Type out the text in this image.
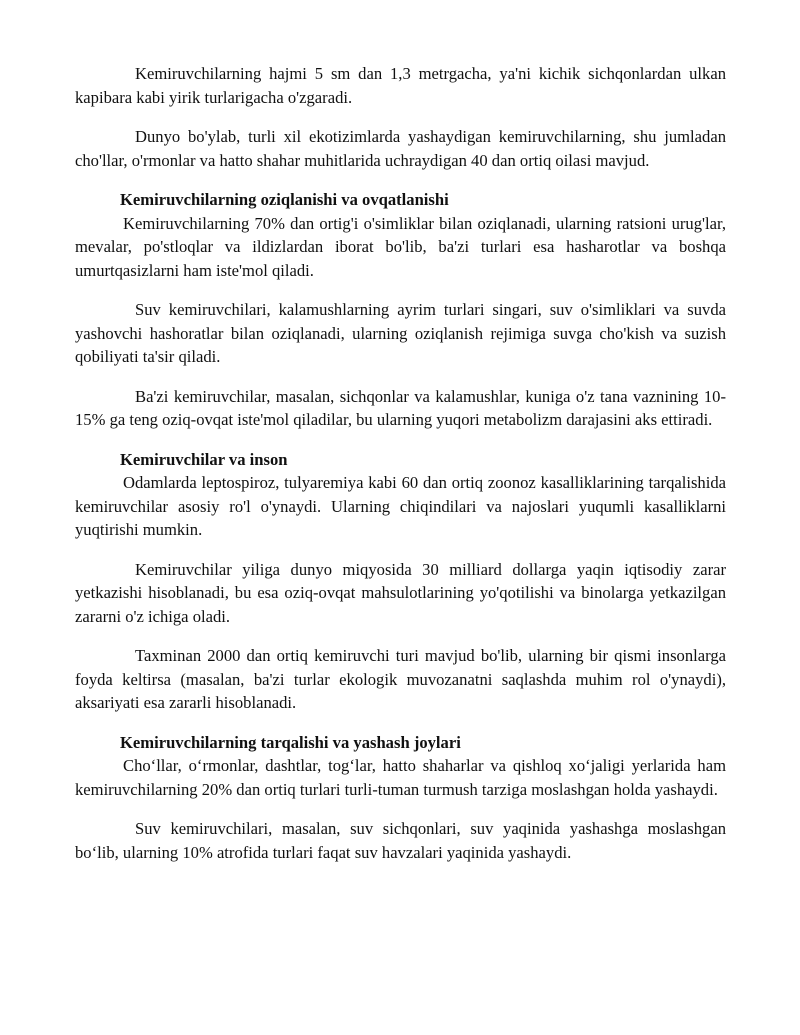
Kemiruvchilarning hajmi 5 sm dan 1,3 metrgacha, ya'ni kichik sichqonlardan ulkan kapibara kabi yirik turlarigacha o'zgaradi.

Dunyo bo'ylab, turli xil ekotizimlarda yashaydigan kemiruvchilarning, shu jumladan cho'llar, o'rmonlar va hatto shahar muhitlarida uchraydigan 40 dan ortiq oilasi mavjud.

Kemiruvchilarning oziqlanishi va ovqatlanishi

Kemiruvchilarning 70% dan ortig'i o'simliklar bilan oziqlanadi, ularning ratsioni urug'lar, mevalar, po'stloqlar va ildizlardan iborat bo'lib, ba'zi turlari esa hasharotlar va boshqa umurtqasizlarni ham iste'mol qiladi.

Suv kemiruvchilari, kalamushlarning ayrim turlari singari, suv o'simliklari va suvda yashovchi hashoratlar bilan oziqlanadi, ularning oziqlanish rejimiga suvga cho'kish va suzish qobiliyati ta'sir qiladi.

Ba'zi kemiruvchilar, masalan, sichqonlar va kalamushlar, kuniga o'z tana vaznining 10-15% ga teng oziq-ovqat iste'mol qiladilar, bu ularning yuqori metabolizm darajasini aks ettiradi.

Kemiruvchilar va inson

Odamlarda leptospiroz, tulyaremiya kabi 60 dan ortiq zoonoz kasalliklarining tarqalishida kemiruvchilar asosiy ro'l o'ynaydi. Ularning chiqindilari va najoslari yuqumli kasalliklarni yuqtirishi mumkin.

Kemiruvchilar yiliga dunyo miqyosida 30 milliard dollarga yaqin iqtisodiy zarar yetkazishi hisoblanadi, bu esa oziq-ovqat mahsulotlarining yo'qotilishi va binolarga yetkazilgan zararni o'z ichiga oladi.

Taxminan 2000 dan ortiq kemiruvchi turi mavjud bo'lib, ularning bir qismi insonlarga foyda keltirsa (masalan, ba'zi turlar ekologik muvozanatni saqlashda muhim rol o'ynaydi), aksariyati esa zararli hisoblanadi.

Kemiruvchilarning tarqalishi va yashash joylari

Cho‘llar, o‘rmonlar, dashtlar, tog‘lar, hatto shaharlar va qishloq xo‘jaligi yerlarida ham kemiruvchilarning 20% dan ortiq turlari turli-tuman turmush tarziga moslashgan holda yashaydi.

Suv kemiruvchilari, masalan, suv sichqonlari, suv yaqinida yashashga moslashgan bo‘lib, ularning 10% atrofida turlari faqat suv havzalari yaqinida yashaydi.
